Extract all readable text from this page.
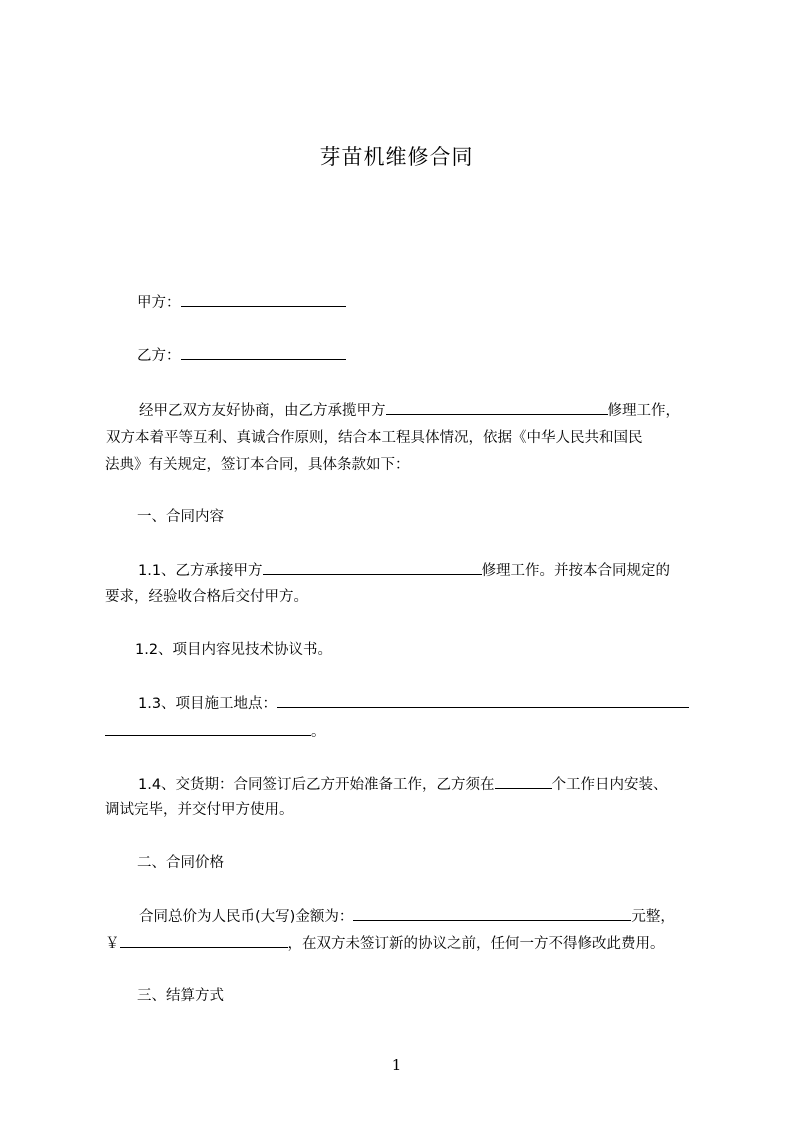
芽苗机维修合同
甲方：
乙方：
经甲乙双方友好协商，由乙方承揽甲方	修理工作，
双方本着平等互利、真诚合作原则，结合本工程具体情况，依据《中华人民共和国民
法典》有关规定，签订本合同，具体条款如下：
一、合同内容
1.1、乙方承接甲方	修理工作。并按本合同规定的
要求，经验收合格后交付甲方。
1.2、项目内容见技术协议书。
1.3、项目施工地点：
。
1.4、交货期：合同签订后乙方开始准备工作，乙方须在	个工作日内安装、
调试完毕，并交付甲方使用。
二、合同价格
合同总价为人民币(大写)金额为：	元整，
￥	，在双方未签订新的协议之前，任何一方不得修改此费用。
三、结算方式
1
